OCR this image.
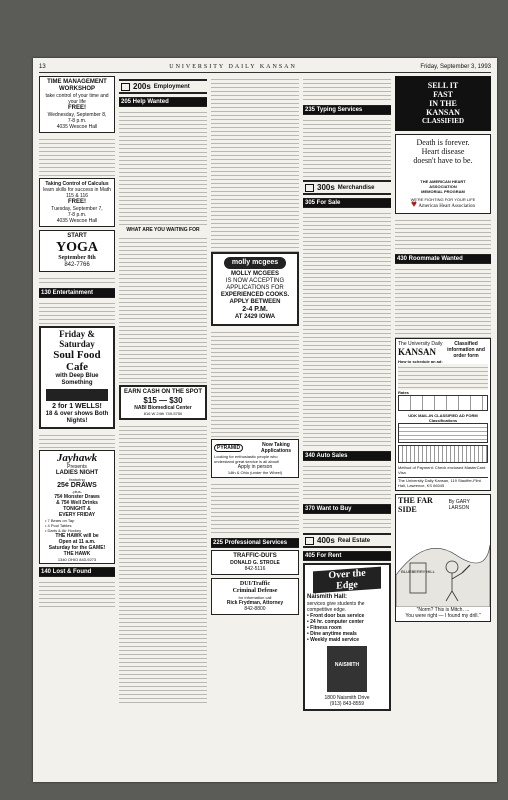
13	UNIVERSITY DAILY KANSAN	Friday, September 3, 1993
TIME MANAGEMENT WORKSHOP
take control of your time and your life
FREE!
Wednesday, September 8,
7-8 p.m.
4035 Wescoe Hall
Taking Control of Calculus
learn skills for success in Math 115 & 116
FREE!
Tuesday, September 7,
7-8 p.m.
4035 Wescoe Hall
START
YOGA
September 8th
842-7766
130 Entertainment
Friday &
Saturday
Soul Food
Cafe
with Deep Blue Something
2 for 1 WELLS!
18 & over shows Both Nights!
Jayhawk
Presents
LADIES NIGHT
featuring
25¢ DRAWS
-plus-
75¢ Monster Draws
& 75¢ Well Drinks
TONIGHT &
EVERY FRIDAY
• 7 Bears on Tap
• 4 Pool Tables
• Darts & Air Hockey
THE HAWK will be
Open at 11 a.m.
Saturday for the GAME!
THE HAWK
1340 OHIO 843-9273
140 Lost & Found
200s Employment
205 Help Wanted
WHAT ARE YOU WAITING FOR
EARN CASH ON THE SPOT
$15 — $30
NABI Biomedical Center
816 W 24th 749-5750
molly mcgees
MOLLY MCGEES
IS NOW ACCEPTING
APPLICATIONS FOR
EXPERIENCED COOKS.
APPLY BETWEEN
2-4 P.M.
AT 2429 IOWA
PYRAMID	Now Taking Applications
Looking for enthusiastic people who understand great service is all about!
Apply in person
14th & Ohio (under the Wheel)
225 Professional Services
TRAFFIC-DUI'S
DONALD G. STROLE
842-5116
DUI/Traffic
Criminal Defense
for Information call
Rick Frydman, Attorney
842-8800
235 Typing Services
300s Merchandise
305 For Sale
340 Auto Sales
370 Want to Buy
400s Real Estate
405 For Rent
Over the
Edge
Naismith Hall:
services give students the competitive edge.
• Front door bus service
• 24 hr. computer center
• Fitness room
• Dine anytime meals
• Weekly maid service
NAISMITH
1800 Naismith Drive
(913) 843-8559
SELL IT
FAST
IN THE
KANSAN
CLASSIFIED
Death is forever.
Heart disease
doesn't have to be.
THE AMERICAN HEART
ASSOCIATION
MEMORIAL PROGRAM
WE'RE FIGHTING FOR YOUR LIFE
♥ American Heart Association
430 Roommate Wanted
The University Daily
KANSAN
Classified information and order form
How to schedule an ad:
Rates
UDK MAIL-IN CLASSIFIED AD FORM
Classifications
Method of Payment: Check enclosed MasterCard Visa
The University Daily Kansan, 119 Stauffer-Flint Hall, Lawrence, KS 66045
THE FAR SIDE
By GARY LARSON
BLUEBERRY HILL
"Norm? This is Mitch. ...
You were right — I found my drill."
